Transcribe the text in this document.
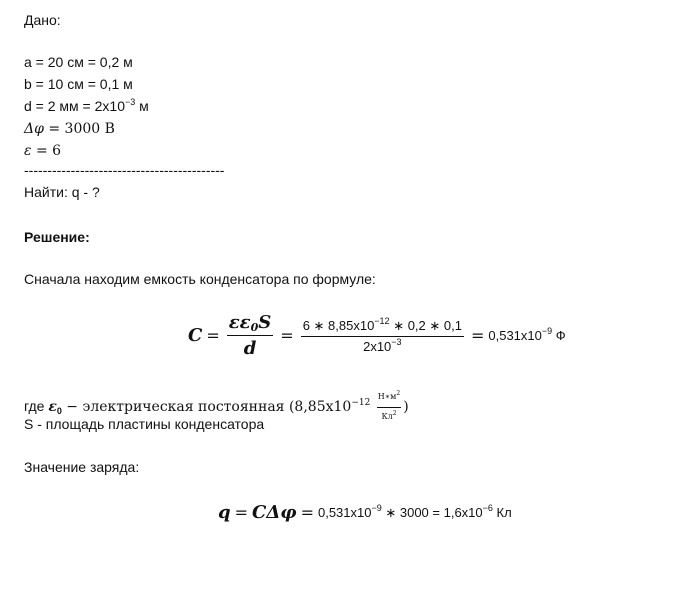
Дано:
a = 20 см = 0,2 м
b = 10 см = 0,1 м
d = 2 мм = $2х10^{-3}$ м
Δφ = 3000 В
ε = 6
-------------------------------------------
Найти: q - ?
Решение:
Сначала находим емкость конденсатора по формуле:
$C = \frac{\varepsilon\varepsilon_0S}{d} = \frac{6 ∗ 8,85х10^{-12} ∗ 0,2 ∗ 0,1}{2х10^{-3}} = 0,531х10^{-9}$ Ф
где $\varepsilon_0$ − электрическая постоянная ($8,85х10^{-12} \frac{Н∗м^2}{Кл^2}$ )
S - площадь пластины конденсатора
Значение заряда:
$q = C\Delta\varphi = 0,531х10^{-9}$ ∗ $3000 = 1,6х10^{-6}$ Кл
